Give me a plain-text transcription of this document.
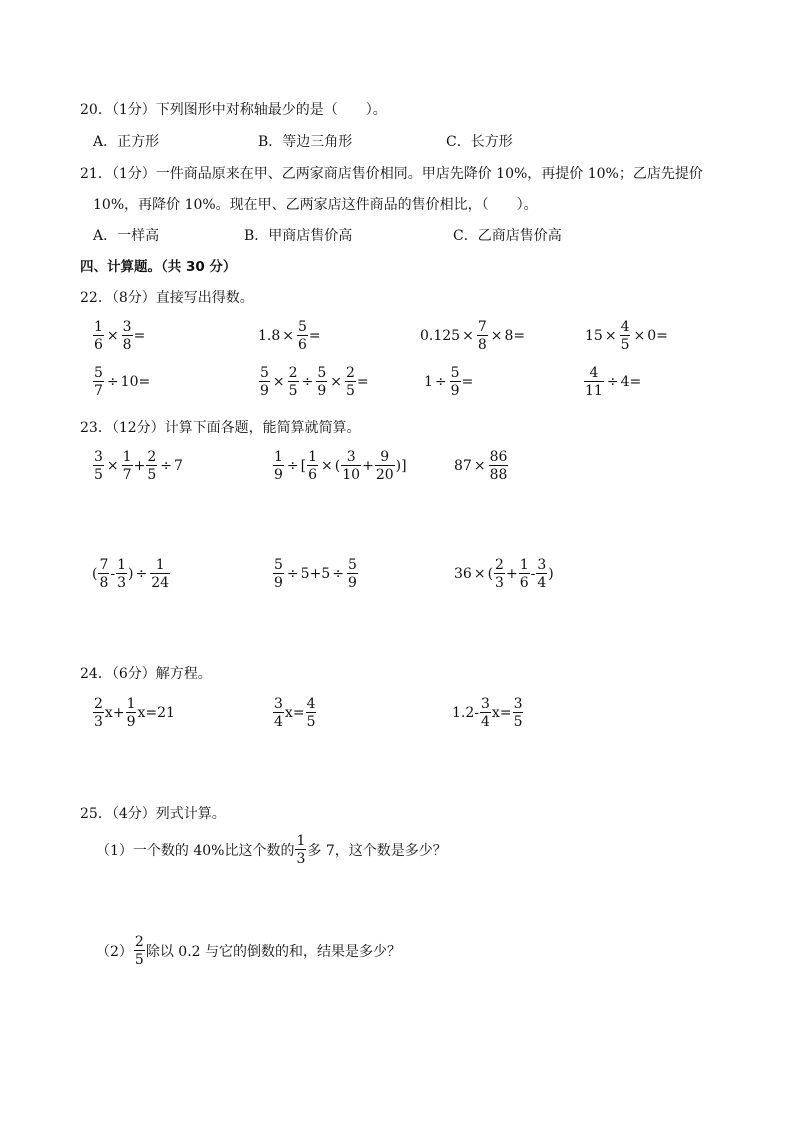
20．（1分）下列图形中对称轴最少的是（　　）。
A．正方形	B．等边三角形	C．长方形
21．（1分）一件商品原来在甲、乙两家商店售价相同。甲店先降价 10%，再提价 10%；乙店先提价
10%，再降价 10%。现在甲、乙两家店这件商品的售价相比，（　　）。
A．一样高	B．甲商店售价高	C．乙商店售价高
四、计算题。（共 30 分）
22．（8分）直接写出得数。
$\frac{1}{6} \times \frac{3}{8}$ =	$1.8 \times \frac{5}{6}$ =	$0.125 \times \frac{7}{8} \times 8$ =	$15 \times \frac{4}{5} \times 0$ =
$\frac{5}{7} \div 10$ =	$\frac{5}{9} \times \frac{2}{5} \div \frac{5}{9} \times \frac{2}{5}$ =	$1 \div \frac{5}{9}$ =	$\frac{4}{11} \div 4$ =
23．（12分）计算下面各题，能简算就简算。
$\frac{3}{5} \times \frac{1}{7} + \frac{2}{5} \div 7$	$\frac{1}{9}$ ÷ [ $\frac{1}{6}$ × ( $\frac{3}{10} + \frac{9}{20}$ ) ]	$87 \times \frac{86}{88}$
( $\frac{7}{8} - \frac{1}{3}$ ) ÷ $\frac{1}{24}$	$\frac{5}{9} \div 5+5 \div \frac{5}{9}$	36 × ( $\frac{2}{3} + \frac{1}{6} - \frac{3}{4}$ )
24．（6分）解方程。
$\frac{2}{3} x+ \frac{1}{9} x=21$	$\frac{3}{4} x= \frac{4}{5}$	$1.2- \frac{3}{4} x= \frac{3}{5}$
25．（4分）列式计算。
（1）一个数的 40%比这个数的 $\frac{1}{3}$ 多 7，这个数是多少？
$(2) \frac{2}{5}$ 除以 0.2 与它的倒数的和，结果是多少？
